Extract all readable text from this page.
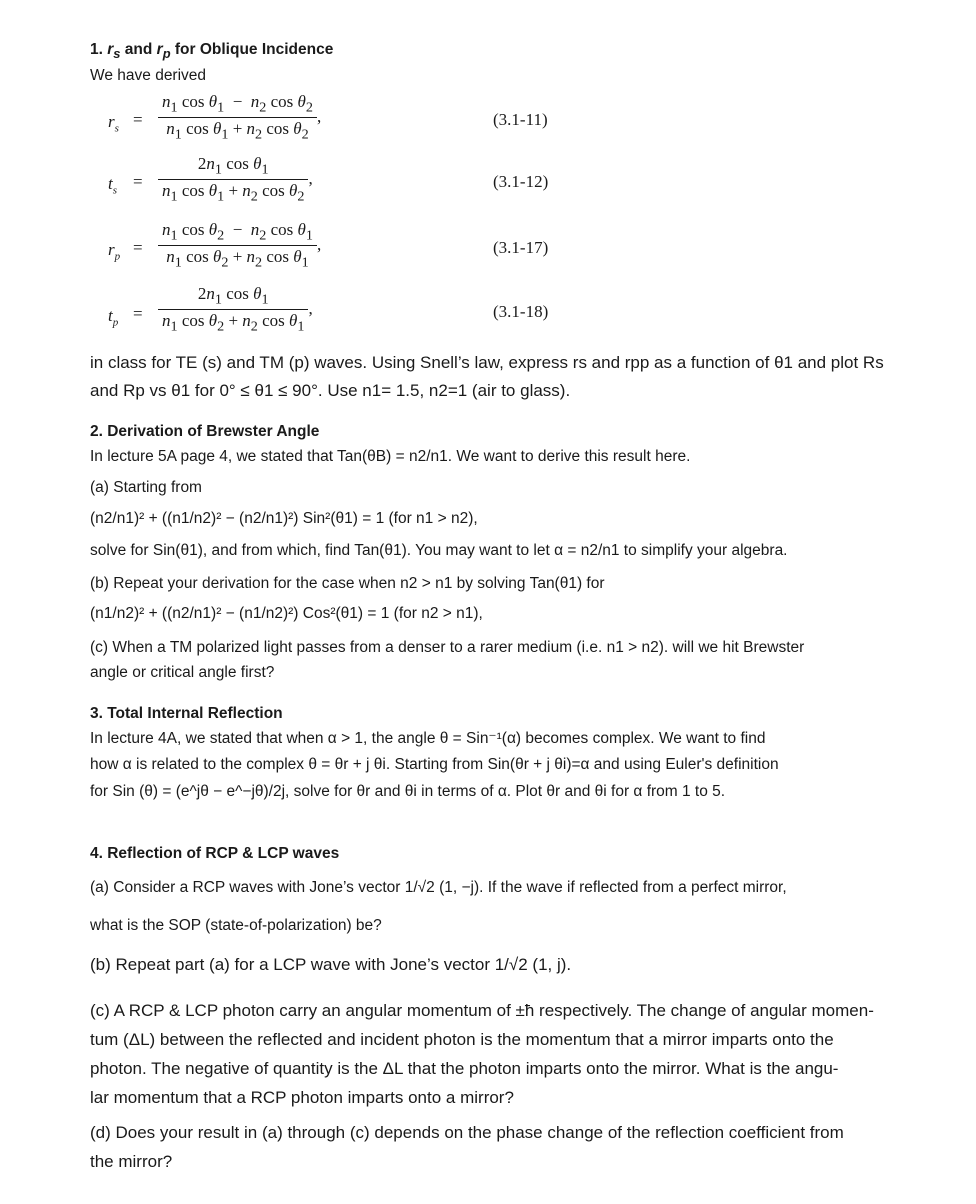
1. $r_s$ and $r_p$ for Oblique Incidence
We have derived
$r_s = \frac{n_1 \cos \theta_1 - n_2 \cos \theta_2}{n_1 \cos \theta_1 + n_2 \cos \theta_2}$ ,	(3.1-11)
$t_s = \frac{2n_1 \cos \theta_1}{n_1 \cos \theta_1 + n_2 \cos \theta_2}$ ,	(3.1-12)
$r_p = \frac{n_1 \cos \theta_2 - n_2 \cos \theta_1}{n_1 \cos \theta_2 + n_2 \cos \theta_1}$ ,	(3.1-17)
$t_p = \frac{2n_1 \cos \theta_1}{n_1 \cos \theta_2 + n_2 \cos \theta_1}$ ,	(3.1-18)
in class for TE (s) and TM (p) waves. Using Snell’s law, express rs and rpp as a function of θ1 and plot Rs
and Rp vs θ1 for 0° ≤ θ1 ≤ 90°. Use n1= 1.5, n2=1 (air to glass).
2. Derivation of Brewster Angle
In lecture 5A page 4, we stated that Tan(θB) = n2/n1. We want to derive this result here.
(a) Starting from
(n2/n1)² + ((n1/n2)² − (n2/n1)²) Sin²(θ1) = 1 (for n1 > n2),
solve for Sin(θ1), and from which, find Tan(θ1). You may want to let α = n2/n1 to simplify your algebra.
(b) Repeat your derivation for the case when n2 > n1 by solving Tan(θ1) for
(n1/n2)² + ((n2/n1)² − (n1/n2)²) Cos²(θ1) = 1 (for n2 > n1),
(c) When a TM polarized light passes from a denser to a rarer medium (i.e. n1 > n2). will we hit Brewster
angle or critical angle first?
3. Total Internal Reflection
In lecture 4A, we stated that when α > 1, the angle θ = Sin⁻¹(α) becomes complex. We want to find
how α is related to the complex θ = θr + j θi. Starting from Sin(θr + j θi)=α and using Euler's definition
for Sin (θ) = (e^jθ − e^−jθ)/2j, solve for θr and θi in terms of α. Plot θr and θi for α from 1 to 5.
4. Reflection of RCP & LCP waves
(a) Consider a RCP waves with Jone’s vector 1/√2 (1, −j). If the wave if reflected from a perfect mirror,
what is the SOP (state-of-polarization) be?
(b) Repeat part (a) for a LCP wave with Jone’s vector 1/√2 (1, j).
(c) A RCP & LCP photon carry an angular momentum of ±ħ respectively. The change of angular momen-
tum (ΔL) between the reflected and incident photon is the momentum that a mirror imparts onto the
photon. The negative of quantity is the ΔL that the photon imparts onto the mirror. What is the angu-
lar momentum that a RCP photon imparts onto a mirror?
(d) Does your result in (a) through (c) depends on the phase change of the reflection coefficient from
the mirror?
